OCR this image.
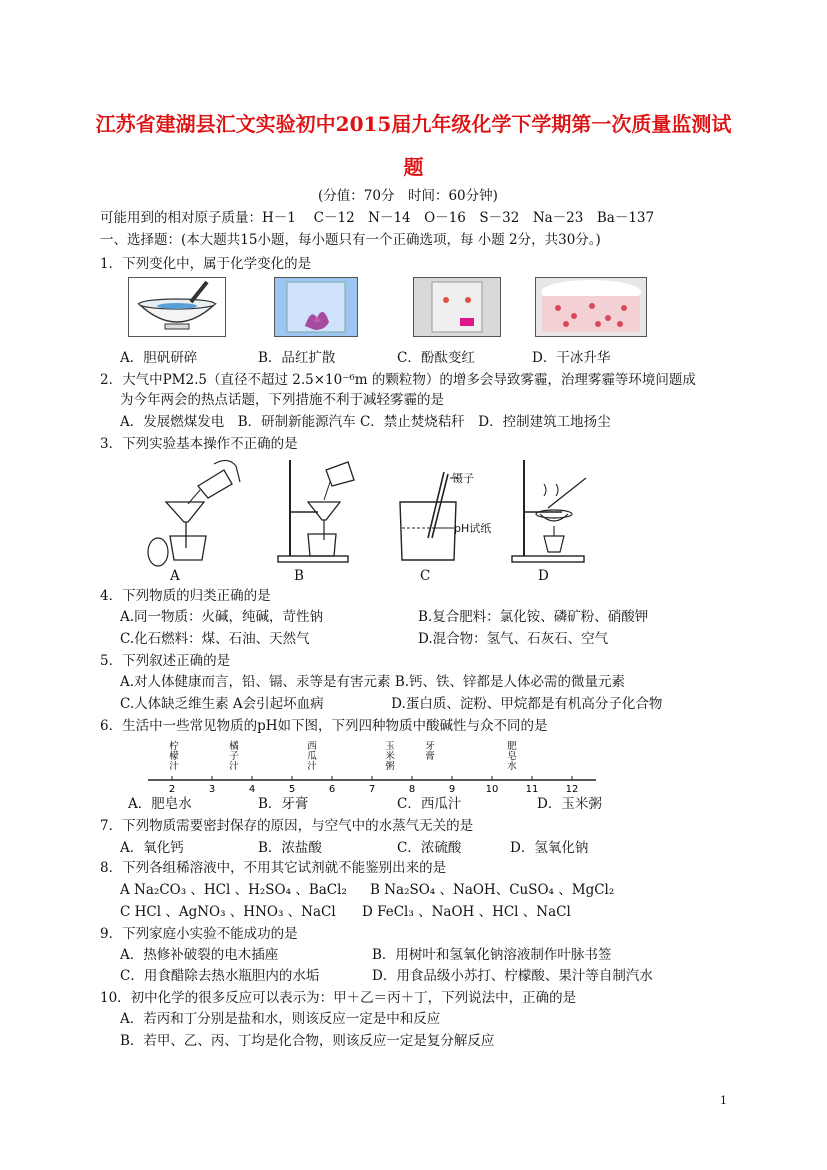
江苏省建湖县汇文实验初中2015届九年级化学下学期第一次质量监测试
题
(分值：70分　时间：60分钟)
可能用到的相对原子质量：H－1　 C－12　N－14　O－16　S－32　Na－23　Ba－137
一、选择题：(本大题共15小题，每小题只有一个正确选项，每 小题 2分，共30分。)
1．下列变化中，属于化学变化的是
A．胆矾研碎	B．品红扩散	C．酚酞变红	D．干冰升华
2．大气中PM2.5（直径不超过 2.5×10⁻⁶m 的颗粒物）的增多会导致雾霾，治理雾霾等环境问题成
为今年两会的热点话题，下列措施不利于减轻雾霾的是
A．发展燃煤发电　B．研制新能源汽车 C．禁止焚烧秸秆　D．控制建筑工地扬尘
3．下列实验基本操作不正确的是
镊子
pH试纸
A	B	C	D
4．下列物质的归类正确的是
A.同一物质：火碱，纯碱，苛性钠	B.复合肥料：氯化铵、磷矿粉、硝酸钾
C.化石燃料：煤、石油、天然气	D.混合物：氢气、石灰石、空气
5．下列叙述正确的是
A.对人体健康而言，铅、镉、汞等是有害元素 B.钙、铁、锌都是人体必需的微量元素
C.人体缺乏维生素 A会引起坏血病　　　　　D.蛋白质、淀粉、甲烷都是有机高分子化合物
6．生活中一些常见物质的pH如下图，下列四种物质中酸碱性与众不同的是
2	3	4	5	6	7	8	9	10	11	12
柠檬汁
橘子汁
西瓜汁
玉米粥
牙膏
肥皂水
A．肥皂水	B．牙膏	C．西瓜汁	D．玉米粥
7．下列物质需要密封保存的原因，与空气中的水蒸气无关的是
A．氧化钙	B．浓盐酸	C．浓硫酸	D．氢氧化钠
8．下列各组稀溶液中，不用其它试剂就不能鉴别出来的是
A Na₂CO₃ 、HCl 、H₂SO₄ 、BaCl₂ B Na₂SO₄ 、NaOH、CuSO₄ 、MgCl₂
C HCl 、AgNO₃ 、HNO₃ 、NaCl D FeCl₃ 、NaOH 、HCl 、NaCl
9．下列家庭小实验不能成功的是
A．热修补破裂的电木插座	B．用树叶和氢氧化钠溶液制作叶脉书签
C．用食醋除去热水瓶胆内的水垢	D．用食品级小苏打、柠檬酸、果汁等自制汽水
10．初中化学的很多反应可以表示为：甲＋乙＝丙＋丁，下列说法中，正确的是
A．若丙和丁分别是盐和水，则该反应一定是中和反应
B．若甲、乙、丙、丁均是化合物，则该反应一定是复分解反应
1
